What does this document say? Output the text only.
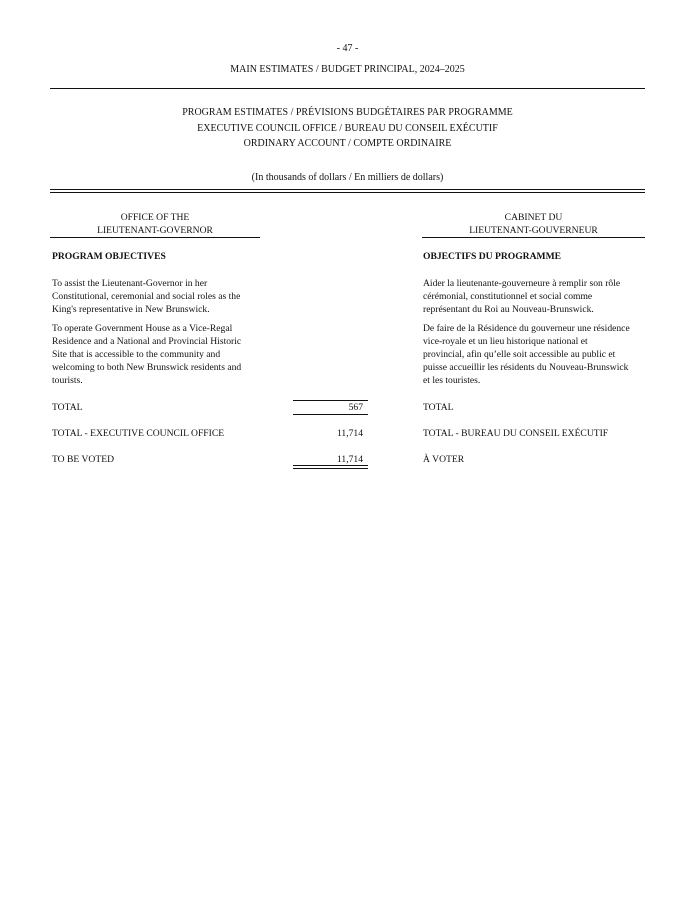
- 47 -
MAIN ESTIMATES / BUDGET PRINCIPAL, 2024–2025
PROGRAM ESTIMATES / PRÉVISIONS BUDGÉTAIRES PAR PROGRAMME
EXECUTIVE COUNCIL OFFICE / BUREAU DU CONSEIL EXÉCUTIF
ORDINARY ACCOUNT / COMPTE ORDINAIRE
(In thousands of dollars / En milliers de dollars)
OFFICE OF THE
LIEUTENANT-GOVERNOR
CABINET DU
LIEUTENANT-GOUVERNEUR
PROGRAM OBJECTIVES	OBJECTIFS DU PROGRAMME
To assist the Lieutenant-Governor in her
Constitutional, ceremonial and social roles as the
King's representative in New Brunswick.
To operate Government House as a Vice-Regal
Residence and a National and Provincial Historic
Site that is accessible to the community and
welcoming to both New Brunswick residents and
tourists.
Aider la lieutenante-gouverneure à remplir son rôle
cérémonial, constitutionnel et social comme
représentant du Roi au Nouveau-Brunswick.
De faire de la Résidence du gouverneur une résidence
vice-royale et un lieu historique national et
provincial, afin qu’elle soit accessible au public et
puisse accueillir les résidents du Nouveau-Brunswick
et les touristes.
TOTAL	567	TOTAL
TOTAL - EXECUTIVE COUNCIL OFFICE	11,714	TOTAL - BUREAU DU CONSEIL EXÉCUTIF
TO BE VOTED	11,714	À VOTER
